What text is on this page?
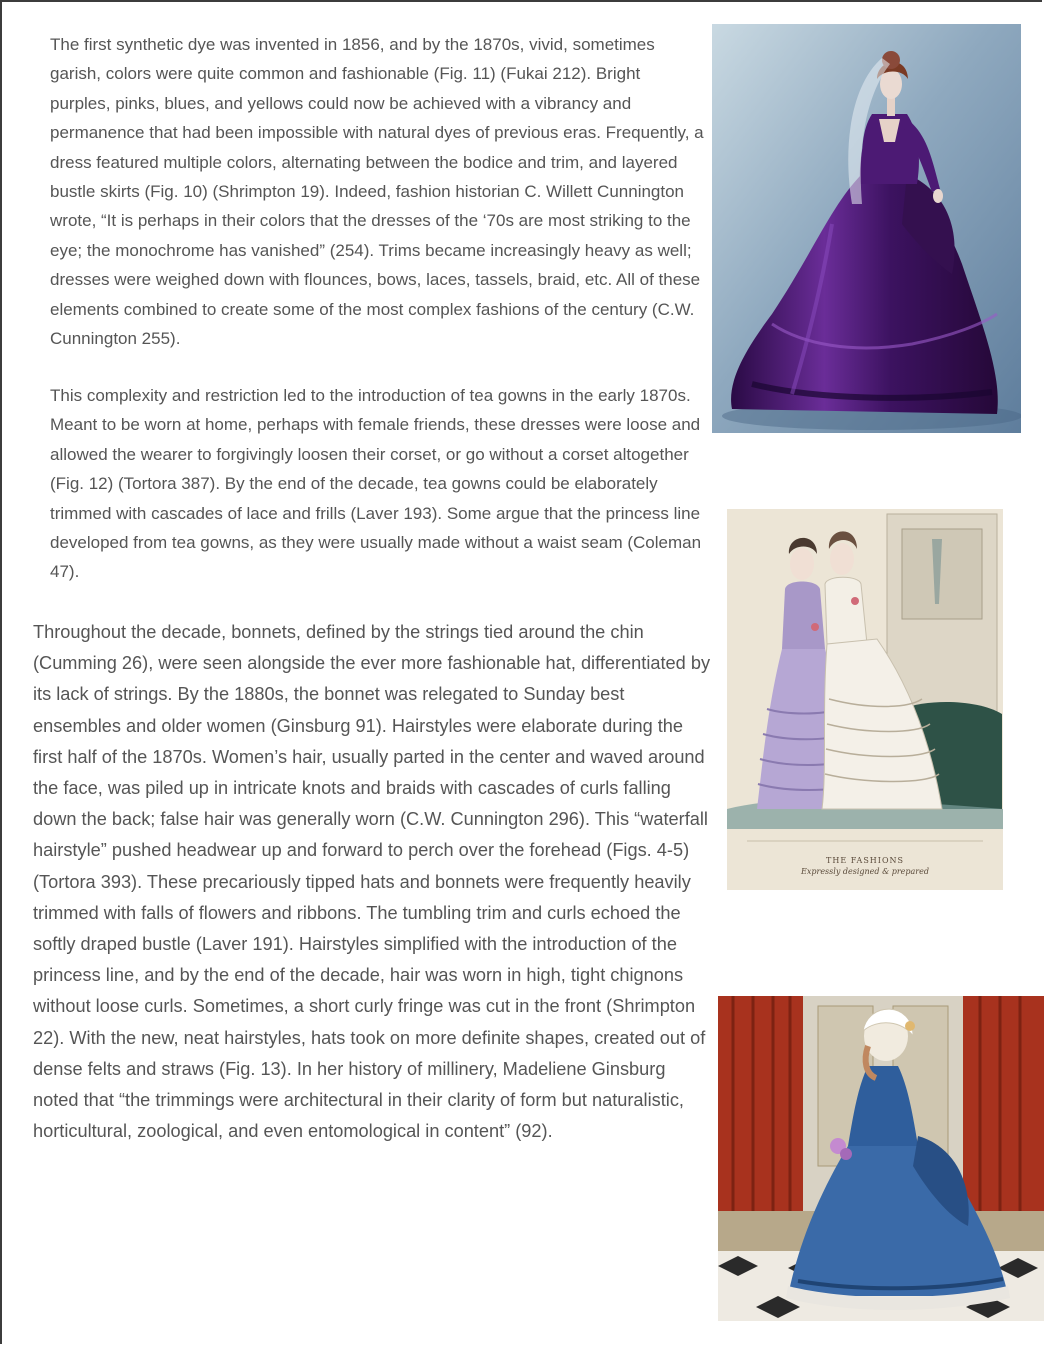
The first synthetic dye was invented in 1856, and by the 1870s, vivid, sometimes garish, colors were quite common and fashionable (Fig. 11) (Fukai 212). Bright purples, pinks, blues, and yellows could now be achieved with a vibrancy and permanence that had been impossible with natural dyes of previous eras. Frequently, a dress featured multiple colors, alternating between the bodice and trim, and layered bustle skirts (Fig. 10) (Shrimpton 19). Indeed, fashion historian C. Willett Cunnington wrote, “It is perhaps in their colors that the dresses of the ‘70s are most striking to the eye; the monochrome has vanished” (254). Trims became increasingly heavy as well; dresses were weighed down with flounces, bows, laces, tassels, braid, etc. All of these elements combined to create some of the most complex fashions of the century (C.W. Cunnington 255).

This complexity and restriction led to the introduction of tea gowns in the early 1870s. Meant to be worn at home, perhaps with female friends, these dresses were loose and allowed the wearer to forgivingly loosen their corset, or go without a corset altogether (Fig. 12) (Tortora 387). By the end of the decade, tea gowns could be elaborately trimmed with cascades of lace and frills (Laver 193). Some argue that the princess line developed from tea gowns, as they were usually made without a waist seam (Coleman 47).

Throughout the decade, bonnets, defined by the strings tied around the chin (Cumming 26), were seen alongside the ever more fashionable hat, differentiated by its lack of strings. By the 1880s, the bonnet was relegated to Sunday best ensembles and older women (Ginsburg 91). Hairstyles were elaborate during the first half of the 1870s. Women’s hair, usually parted in the center and waved around the face, was piled up in intricate knots and braids with cascades of curls falling down the back; false hair was generally worn (C.W. Cunnington 296). This “waterfall hairstyle” pushed headwear up and forward to perch over the forehead (Figs. 4-5) (Tortora 393). These precariously tipped hats and bonnets were frequently heavily trimmed with falls of flowers and ribbons. The tumbling trim and curls echoed the softly draped bustle (Laver 191). Hairstyles simplified with the introduction of the princess line, and by the end of the decade, hair was worn in high, tight chignons without loose curls. Sometimes, a short curly fringe was cut in the front (Shrimpton 22). With the new, neat hairstyles, hats took on more definite shapes, created out of dense felts and straws (Fig. 13). In her history of millinery, Madeliene Ginsburg noted that “the trimmings were architectural in their clarity of form but naturalistic, horticultural, zoological, and even entomological in content” (92).

THE FASHIONS
Expressly designed & prepared
